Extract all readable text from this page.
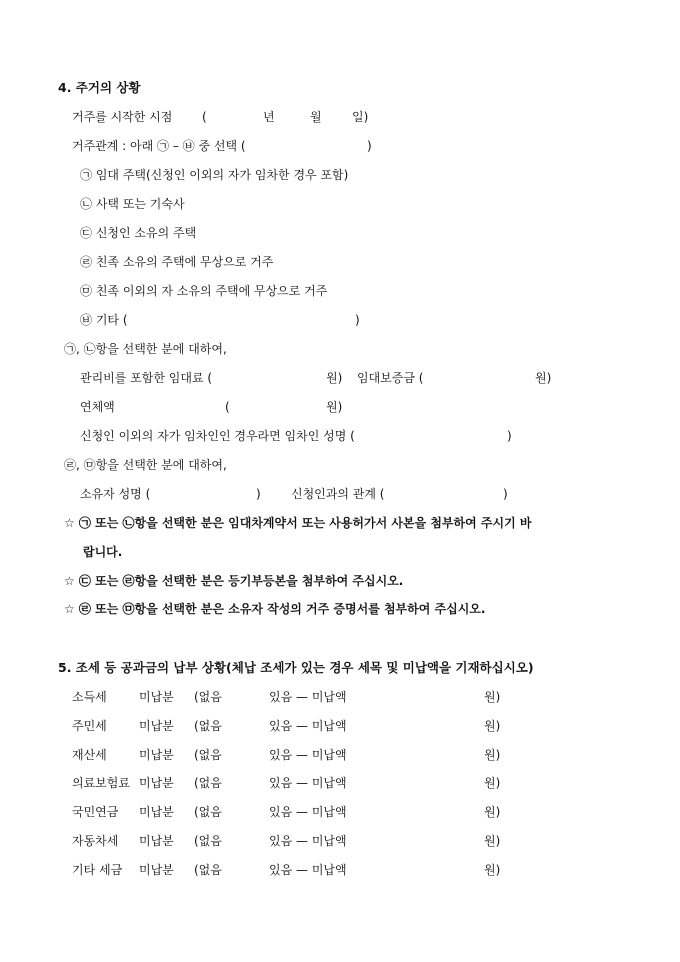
4. 주거의 상황
거주를 시작한 시점 (	년	월	일)
거주관계 : 아래 ㉠ – ㉥ 중 선택 (	)
㉠ 임대 주택(신청인 이외의 자가 임차한 경우 포함)
㉡ 사택 또는 기숙사
㉢ 신청인 소유의 주택
㉣ 친족 소유의 주택에 무상으로 거주
㉤ 친족 이외의 자 소유의 주택에 무상으로 거주
㉥ 기타 (	)
㉠, ㉡항을 선택한 분에 대하여,
관리비를 포함한 임대료 (	원) 임대보증금 (	원)
연체액	(	원)
신청인 이외의 자가 임차인인 경우라면 임차인 성명 (	)
㉣, ㉤항을 선택한 분에 대하여,
소유자 성명 (	)	신청인과의 관계 (	)
☆ ㉠ 또는 ㉡항을 선택한 분은 임대차계약서 또는 사용허가서 사본을 첨부하여 주시기 바
랍니다.
☆ ㉢ 또는 ㉣항을 선택한 분은 등기부등본을 첨부하여 주십시오.
☆ ㉣ 또는 ㉤항을 선택한 분은 소유자 작성의 거주 증명서를 첨부하여 주십시오.
5. 조세 등 공과금의 납부 상황(체납 조세가 있는 경우 세목 및 미납액을 기재하십시오)
소득세	미납분 (없음	있음 — 미납액	원)
주민세	미납분 (없음	있음 — 미납액	원)
재산세	미납분 (없음	있음 — 미납액	원)
의료보험료 미납분 (없음	있음 — 미납액	원)
국민연금 미납분 (없음	있음 — 미납액	원)
자동차세 미납분 (없음	있음 — 미납액	원)
기타 세금 미납분 (없음	있음 — 미납액	원)
